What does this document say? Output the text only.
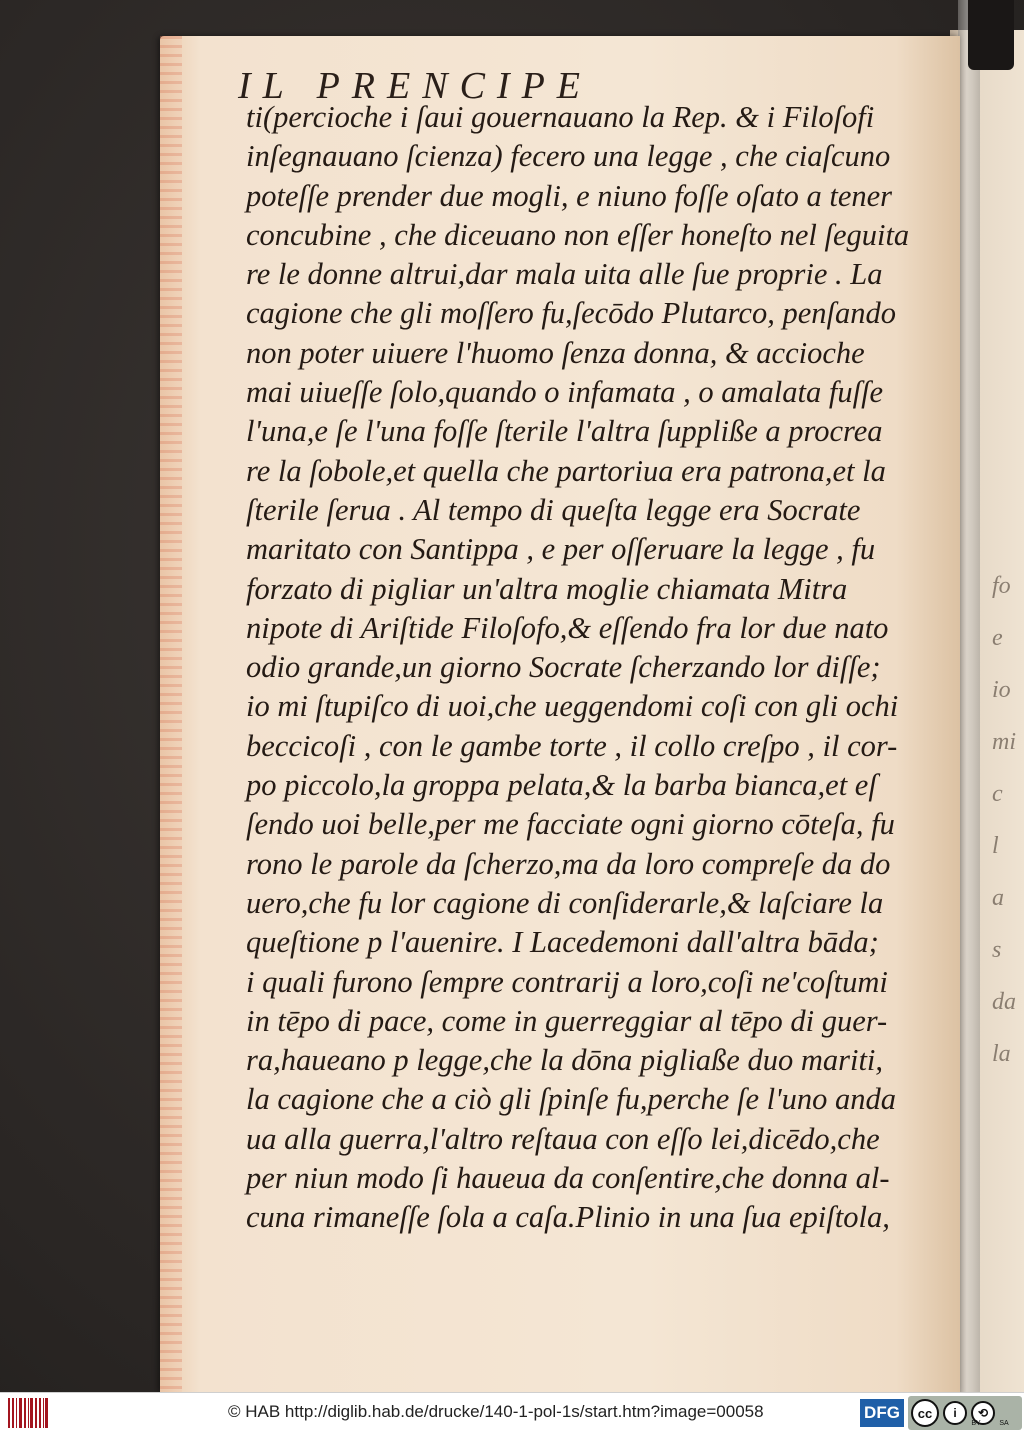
fo
e
io
mi
c
l
a
s
da
la
IL PRENCIPE
ti(percioche i ſaui gouernauano la Rep. & i Filoſofi
inſegnauano ſcienza) fecero una legge , che ciaſcuno
poteſſe prender due mogli, e niuno foſſe oſato a tener
concubine , che diceuano non eſſer honeſto nel ſeguita
re le donne altrui,dar mala uita alle ſue proprie . La
cagione che gli moſſero fu,ſecōdo Plutarco, penſando
non poter uiuere l'huomo ſenza donna, & accioche
mai uiueſſe ſolo,quando o infamata , o amalata fuſſe
l'una,e ſe l'una foſſe ſterile l'altra ſuppliße a procrea
re la ſobole,et quella che partoriua era patrona,et la
ſterile ſerua . Al tempo di queſta legge era Socrate
maritato con Santippa , e per oſſeruare la legge , fu
forzato di pigliar un'altra moglie chiamata Mitra
nipote di Ariſtide Filoſofo,& eſſendo fra lor due nato
odio grande,un giorno Socrate ſcherzando lor diſſe;
io mi ſtupiſco di uoi,che ueggendomi coſi con gli ochi
beccicoſi , con le gambe torte , il collo creſpo , il cor-
po piccolo,la groppa pelata,& la barba bianca,et eſ
ſendo uoi belle,per me facciate ogni giorno cōteſa, fu
rono le parole da ſcherzo,ma da loro compreſe da do
uero,che fu lor cagione di conſiderarle,& laſciare la
queſtione p l'auenire. I Lacedemoni dall'altra bāda;
i quali furono ſempre contrarij a loro,coſi ne'coſtumi
in tēpo di pace, come in guerreggiar al tēpo di guer-
ra,haueano p legge,che la dōna pigliaße duo mariti,
la cagione che a ciò gli ſpinſe fu,perche ſe l'uno anda
ua alla guerra,l'altro reſtaua con eſſo lei,dicēdo,che
per niun modo ſi haueua da conſentire,che donna al-
cuna rimaneſſe ſola a caſa.Plinio in una ſua epiſtola,
© HAB http://diglib.hab.de/drucke/140-1-pol-1s/start.htm?image=00058	DFG	cc	i	⟲
BY	SA
